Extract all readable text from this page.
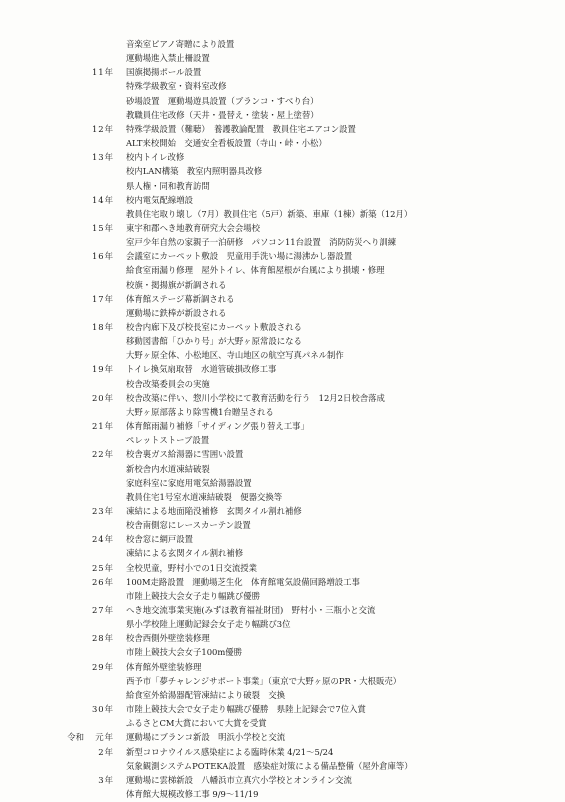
音楽室ピアノ寄贈により設置
運動場進入禁止柵設置
11年 国旗掲揚ポール設置
特殊学級教室・資料室改修
砂場設置　運動場遊具設置（ブランコ・すべり台）
教職員住宅改修（天井・畳替え・塗装・屋上塗替）
12年 特殊学級設置（難聴）　養護教論配置　教員住宅エアコン設置
ALT来校開始　交通安全看板設置（寺山・峠・小松）
13年 校内トイレ改修
校内LAN構築　教室内照明器具改修
県人権・同和教育訪問
14年 校内電気配線増設
教員住宅取り壊し（7月）教員住宅（5戸）新築、車庫（1棟）新築（12月）
15年 東宇和郡へき地教育研究大会会場校
室戸少年自然の家親子一泊研修　パソコン11台設置　消防防災へり訓練
16年 会議室にカーペット敷設　児童用手洗い場に湯沸かし器設置
給食室雨漏り修理　屋外トイレ、体育館屋根が台風により損壊・修理
校旗・掲揚旗が新調される
17年 体育館ステージ幕新調される
運動場に鉄棒が新設される
18年 校舎内廊下及び校長室にカーペット敷設される
移動図書館「ひかり号」が大野ヶ原常設になる
大野ヶ原全体、小松地区、寺山地区の航空写真パネル制作
19年 トイレ換気扇取替　水道管破損改修工事
校舎改築委員会の実施
20年 校舎改築に伴い、惣川小学校にて教育活動を行う　12月2日校舎落成
大野ヶ原部落より除雪機1台贈呈される
21年 体育館雨漏り補修「サイディング張り替え工事」
ペレットストーブ設置
22年 校舎裏ガス給湯器に雪囲い設置
新校舎内水道凍結破裂
家庭科室に家庭用電気給湯器設置
教員住宅1号室水道凍結破裂　便器交換等
23年 凍結による地面陥没補修　玄関タイル割れ補修
校舎南側窓にレースカーテン設置
24年 校舎窓に網戸設置
凍結による玄関タイル割れ補修
25年 全校児童，野村小での1日交流授業
26年 100M走路設置　運動場芝生化　体育館電気設備回路増設工事
市陸上競技大会女子走り幅跳び優勝
27年 へき地交流事業実施(みずほ教育福祉財団)　野村小・三瓶小と交流
県小学校陸上運動記録会女子走り幅跳び3位
28年 校舎西側外壁塗装修理
市陸上競技大会女子100m優勝
29年 体育館外壁塗装修理
西予市「夢チャレンジサポート事業」（東京で大野ヶ原のPR・大根販売）
給食室外給湯器配管凍結により破裂　交換
30年 市陸上競技大会で女子走り幅跳び優勝　県陸上記録会で7位入賞
ふるさとCM大賞において大賞を受賞
令和	元年 運動場にブランコ新設　明浜小学校と交流
2年 新型コロナウイルス感染症による臨時休業 4/21～5/24
気象観測システムPOTEKA設置　感染症対策による備品整備（屋外倉庫等）
3年 運動場に雲梯新設　八幡浜市立真穴小学校とオンライン交流
体育館大規模改修工事 9/9～11/19
